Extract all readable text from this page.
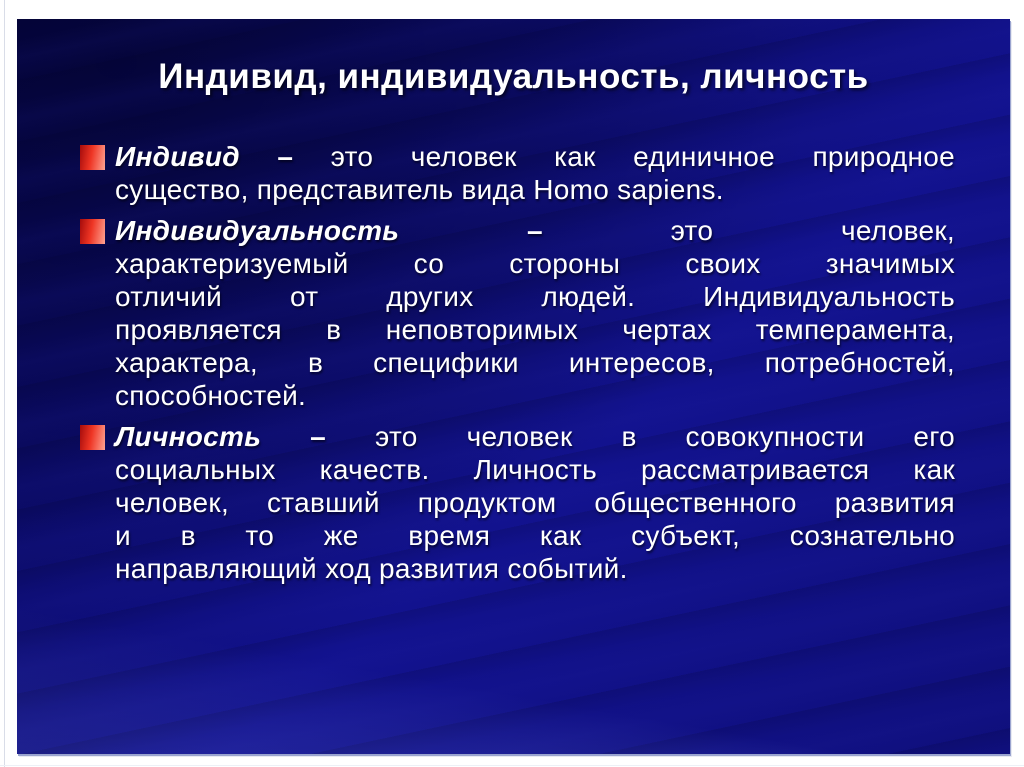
Индивид, индивидуальность, личность
Индивид – это человек как единичное природное
существо, представитель вида Homo sapiens.
Индивидуальность	–	это человек,
характеризуемый со стороны своих значимых
отличий от других людей. Индивидуальность
проявляется в неповторимых чертах темперамента,
характера, в специфики интересов, потребностей,
способностей.
Личность – это человек в совокупности его
социальных качеств. Личность рассматривается как
человек, ставший продуктом общественного развития
и в то же время как субъект, сознательно
направляющий ход развития событий.
